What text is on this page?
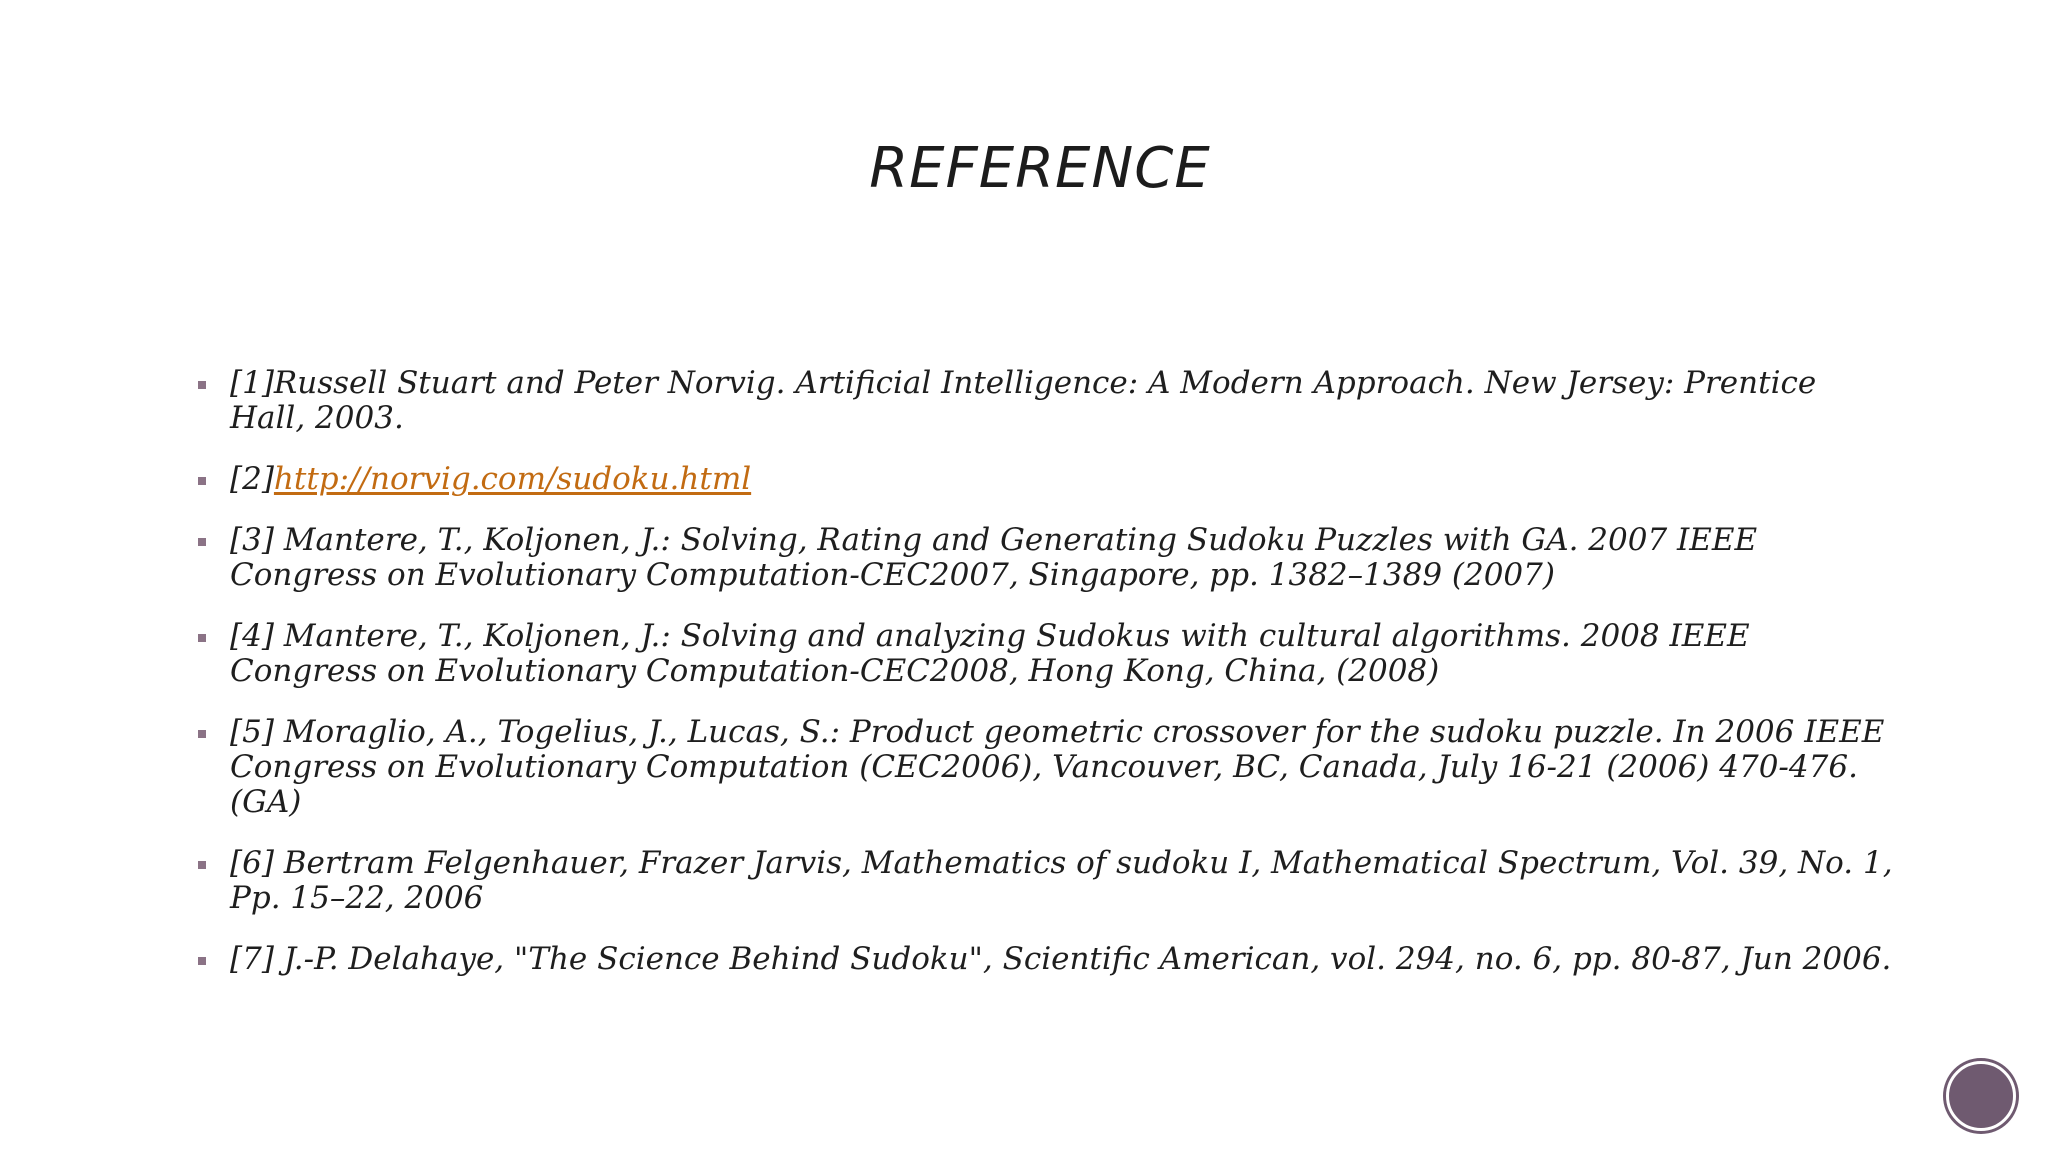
REFERENCE
[1]Russell Stuart and Peter Norvig. Artificial Intelligence: A Modern Approach. New Jersey: Prentice Hall, 2003.
[2]http://norvig.com/sudoku.html
[3] Mantere, T., Koljonen, J.: Solving, Rating and Generating Sudoku Puzzles with GA. 2007 IEEE Congress on Evolutionary Computation-CEC2007, Singapore, pp. 1382–1389 (2007)
[4] Mantere, T., Koljonen, J.: Solving and analyzing Sudokus with cultural algorithms. 2008 IEEE Congress on Evolutionary Computation-CEC2008, Hong Kong, China, (2008)
[5] Moraglio, A., Togelius, J., Lucas, S.: Product geometric crossover for the sudoku puzzle. In 2006 IEEE Congress on Evolutionary Computation (CEC2006), Vancouver, BC, Canada, July 16-21 (2006) 470-476. (GA)
[6] Bertram Felgenhauer, Frazer Jarvis, Mathematics of sudoku I, Mathematical Spectrum, Vol. 39, No. 1, Pp. 15–22, 2006
[7] J.-P. Delahaye, "The Science Behind Sudoku", Scientific American, vol. 294, no. 6, pp. 80-87, Jun 2006.
